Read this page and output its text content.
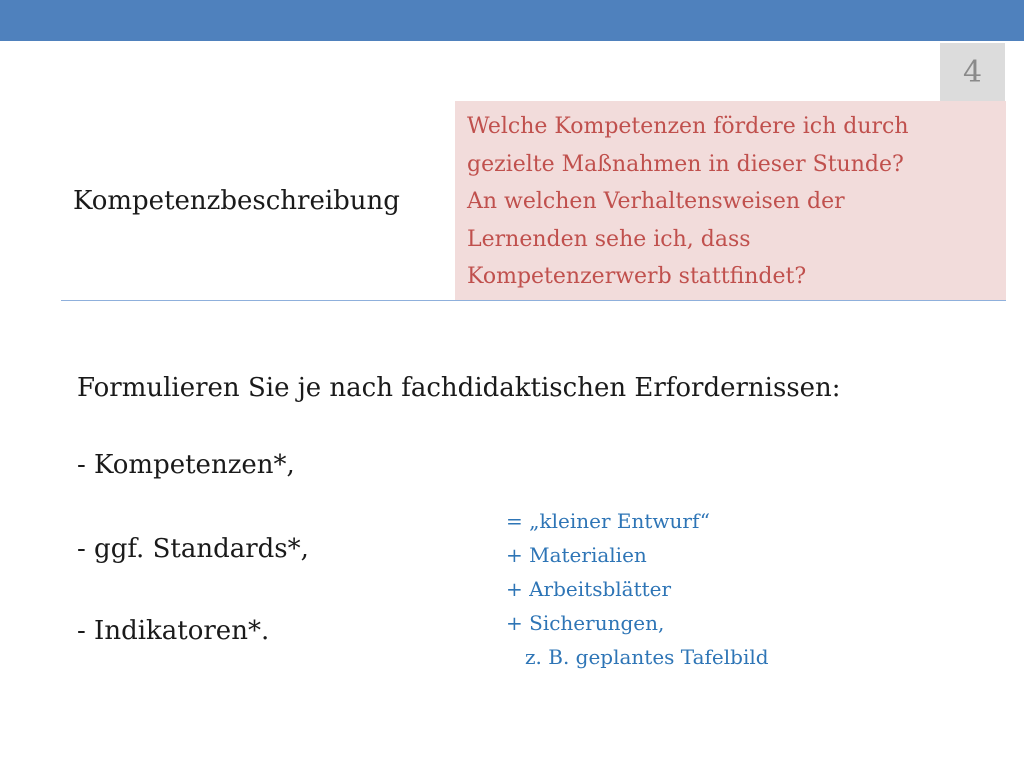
4
Kompetenzbeschreibung
Welche Kompetenzen fördere ich durch
gezielte Maßnahmen in dieser Stunde?
An welchen Verhaltensweisen der
Lernenden sehe ich, dass
Kompetenzerwerb stattfindet?
Formulieren Sie je nach fachdidaktischen Erfordernissen:
- Kompetenzen*,
- ggf. Standards*,
- Indikatoren*.
= „kleiner Entwurf“
+ Materialien
+ Arbeitsblätter
+ Sicherungen,
z. B. geplantes Tafelbild
